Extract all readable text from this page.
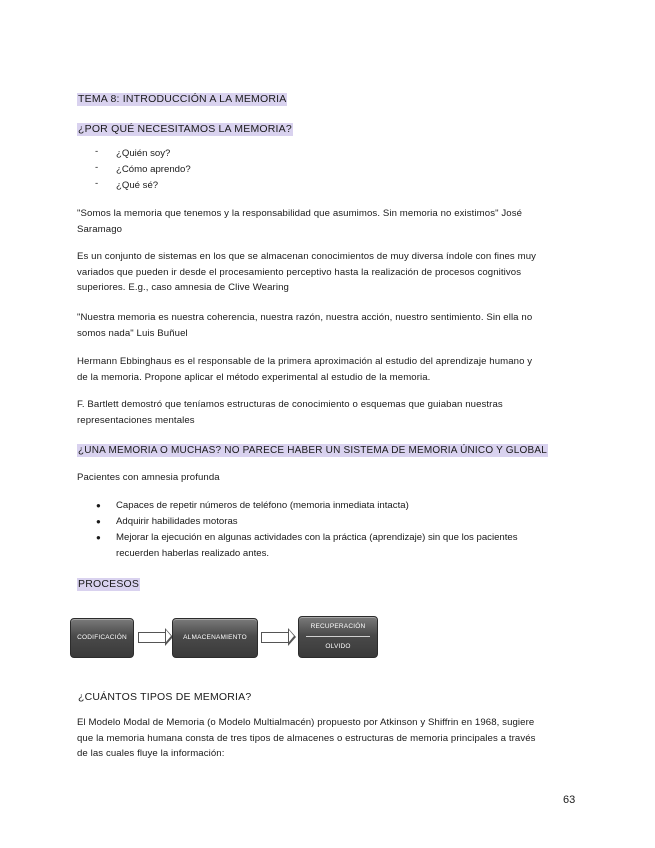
TEMA 8: INTRODUCCIÓN A LA MEMORIA
¿POR QUÉ NECESITAMOS LA MEMORIA?
- ¿Quién soy?
- ¿Cómo aprendo?
- ¿Qué sé?
"Somos la memoria que tenemos y la responsabilidad que asumimos. Sin memoria no existimos" José
Saramago
Es un conjunto de sistemas en los que se almacenan conocimientos de muy diversa índole con fines muy
variados que pueden ir desde el procesamiento perceptivo hasta la realización de procesos cognitivos
superiores. E.g., caso amnesia de Clive Wearing
"Nuestra memoria es nuestra coherencia, nuestra razón, nuestra acción, nuestro sentimiento. Sin ella no
somos nada" Luis Buñuel
Hermann Ebbinghaus es el responsable de la primera aproximación al estudio del aprendizaje humano y
de la memoria. Propone aplicar el método experimental al estudio de la memoria.
F. Bartlett demostró que teníamos estructuras de conocimiento o esquemas que guiaban nuestras
representaciones mentales
¿UNA MEMORIA O MUCHAS? NO PARECE HABER UN SISTEMA DE MEMORIA ÚNICO Y GLOBAL
Pacientes con amnesia profunda
● Capaces de repetir números de teléfono (memoria inmediata intacta)
● Adquirir habilidades motoras
● Mejorar la ejecución en algunas actividades con la práctica (aprendizaje) sin que los pacientes
recuerden haberlas realizado antes.
PROCESOS
CODIFICACIÓN	ALMACENAMIENTO
RECUPERACIÓN
OLVIDO
¿CUÁNTOS TIPOS DE MEMORIA?
El Modelo Modal de Memoria (o Modelo Multialmacén) propuesto por Atkinson y Shiffrin en 1968, sugiere
que la memoria humana consta de tres tipos de almacenes o estructuras de memoria principales a través
de las cuales fluye la información:
63
